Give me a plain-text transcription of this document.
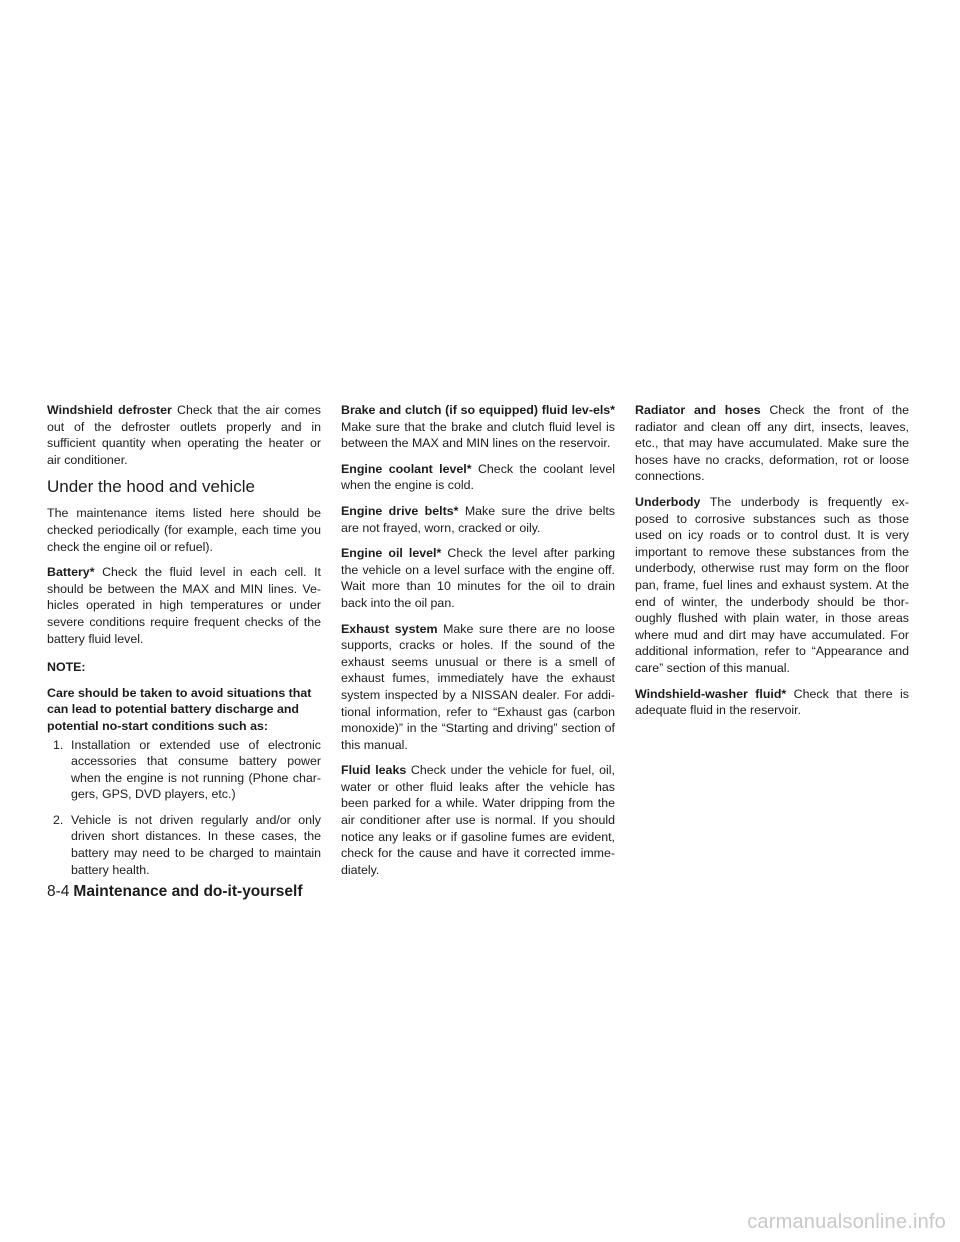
Windshield defroster Check that the air comes out of the defroster outlets properly and in sufficient quantity when operating the heater or air conditioner.

Under the hood and vehicle

The maintenance items listed here should be checked periodically (for example, each time you check the engine oil or refuel).

Battery* Check the fluid level in each cell. It should be between the MAX and MIN lines. Ve-hicles operated in high temperatures or under severe conditions require frequent checks of the battery fluid level.

NOTE:

Care should be taken to avoid situations that can lead to potential battery discharge and potential no-start conditions such as:

1. Installation or extended use of electronic accessories that consume battery power when the engine is not running (Phone char-gers, GPS, DVD players, etc.)
2. Vehicle is not driven regularly and/or only driven short distances. In these cases, the battery may need to be charged to maintain battery health.

Brake and clutch (if so equipped) fluid lev-els* Make sure that the brake and clutch fluid level is between the MAX and MIN lines on the reservoir.

Engine coolant level* Check the coolant level when the engine is cold.

Engine drive belts* Make sure the drive belts are not frayed, worn, cracked or oily.

Engine oil level* Check the level after parking the vehicle on a level surface with the engine off. Wait more than 10 minutes for the oil to drain back into the oil pan.

Exhaust system Make sure there are no loose supports, cracks or holes. If the sound of the exhaust seems unusual or there is a smell of exhaust fumes, immediately have the exhaust system inspected by a NISSAN dealer. For addi-tional information, refer to “Exhaust gas (carbon monoxide)” in the “Starting and driving” section of this manual.

Fluid leaks Check under the vehicle for fuel, oil, water or other fluid leaks after the vehicle has been parked for a while. Water dripping from the air conditioner after use is normal. If you should notice any leaks or if gasoline fumes are evident, check for the cause and have it corrected imme-diately.

Radiator and hoses Check the front of the radiator and clean off any dirt, insects, leaves, etc., that may have accumulated. Make sure the hoses have no cracks, deformation, rot or loose connections.

Underbody The underbody is frequently ex-posed to corrosive substances such as those used on icy roads or to control dust. It is very important to remove these substances from the underbody, otherwise rust may form on the floor pan, frame, fuel lines and exhaust system. At the end of winter, the underbody should be thor-oughly flushed with plain water, in those areas where mud and dirt may have accumulated. For additional information, refer to “Appearance and care” section of this manual.

Windshield-washer fluid* Check that there is adequate fluid in the reservoir.

8-4 Maintenance and do-it-yourself
carmanualsonline.info
